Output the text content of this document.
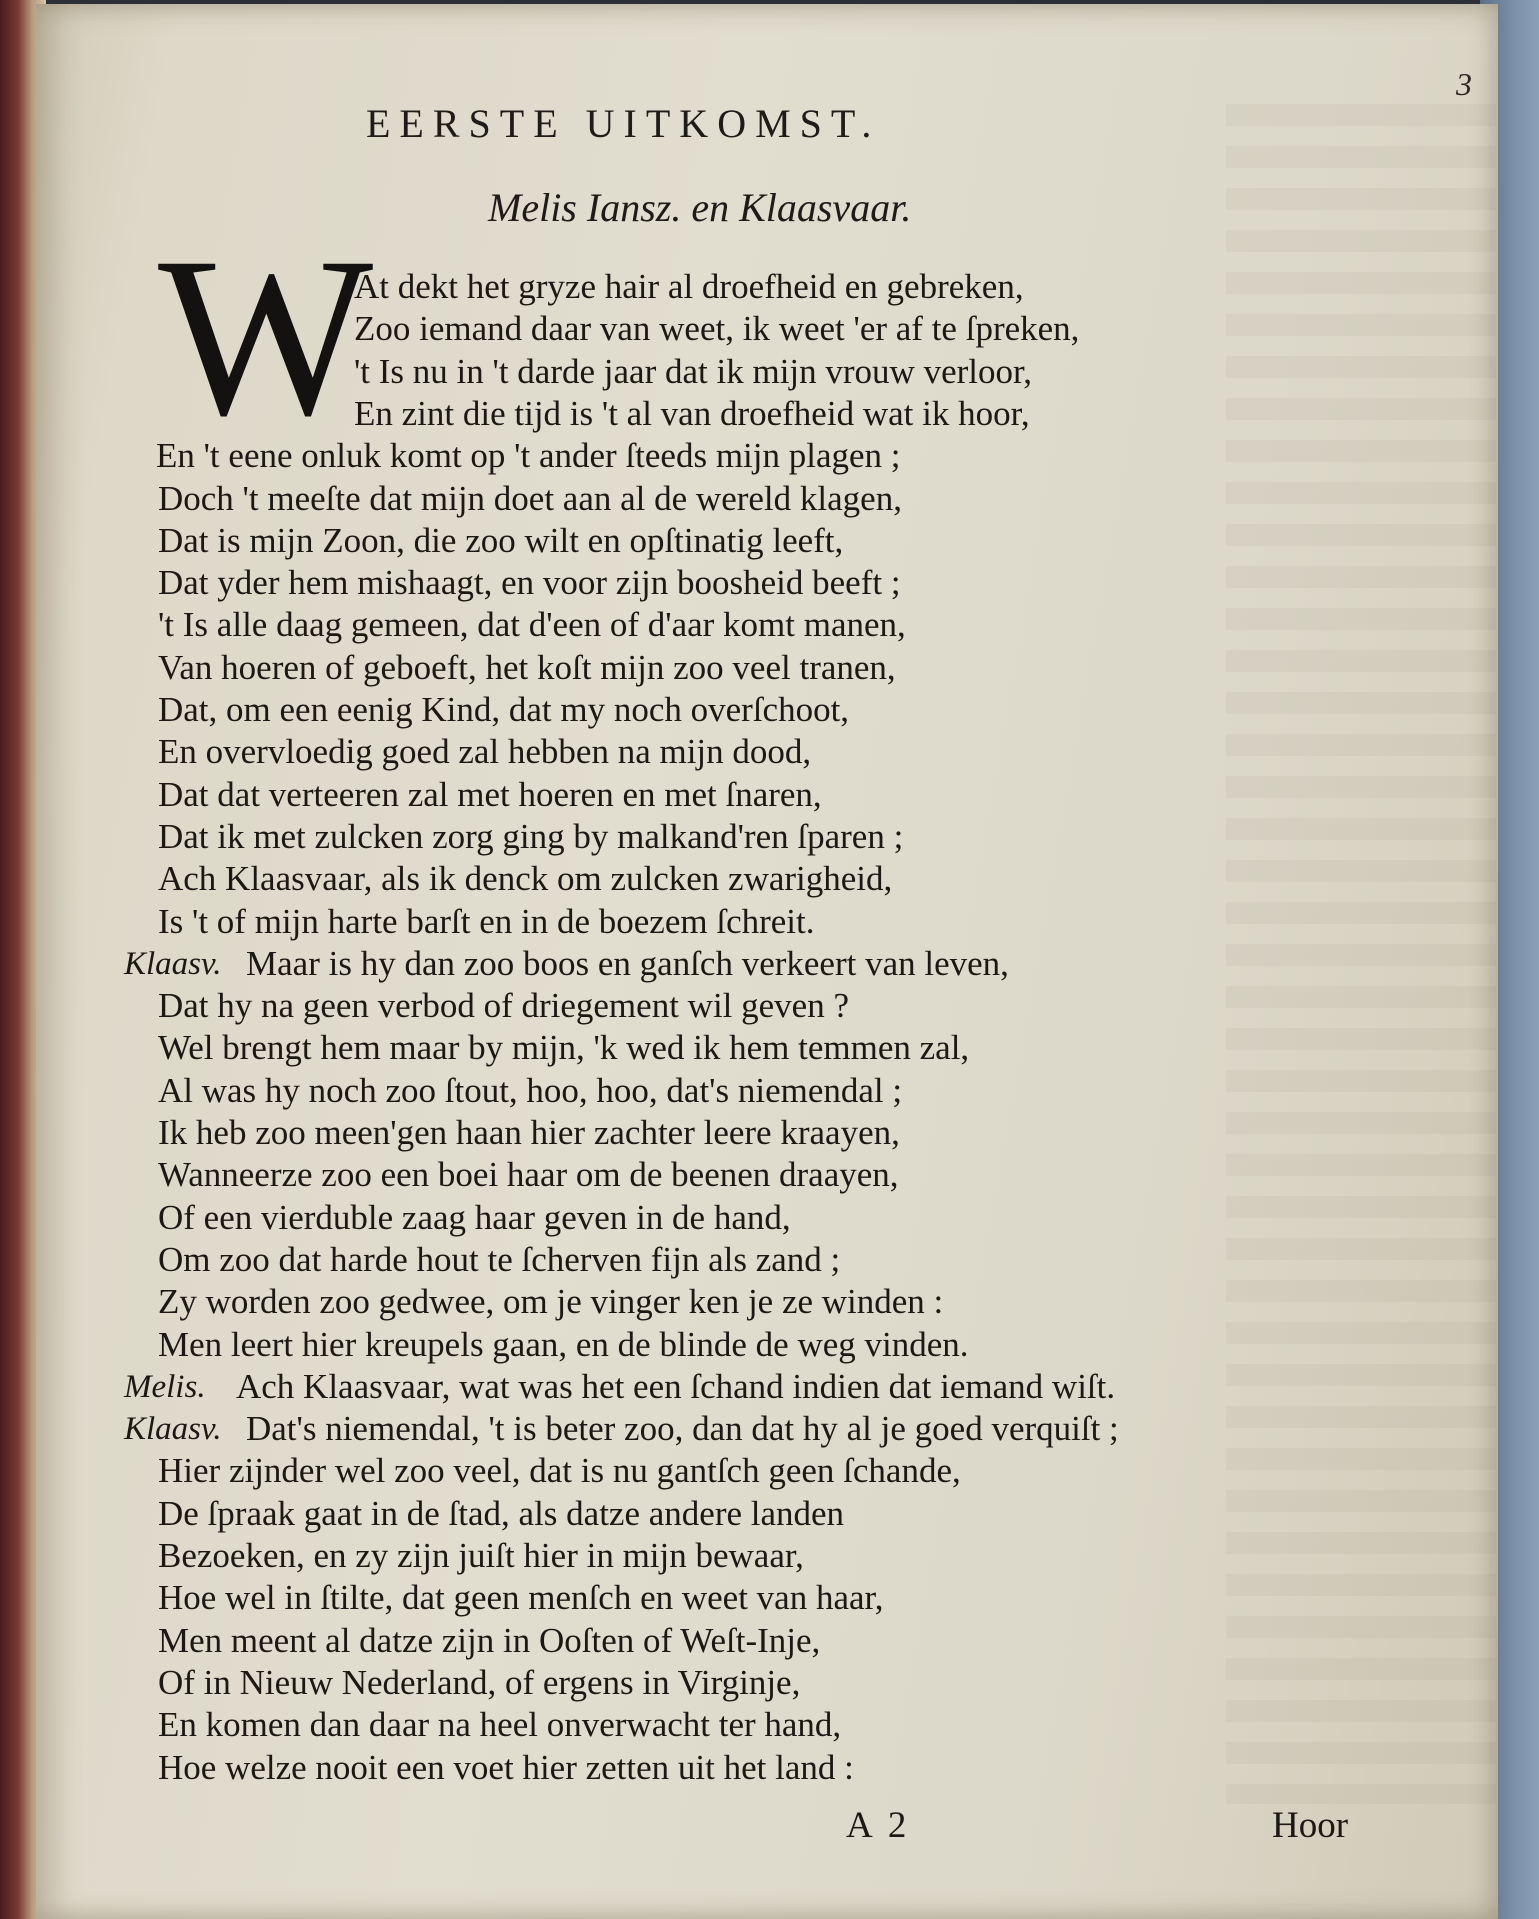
3
EERSTE UITKOMST.
Melis Iansz. en Klaasvaar.
W
At dekt het gryze hair al droefheid en gebreken,
Zoo iemand daar van weet, ik weet 'er af te ſpreken,
't Is nu in 't darde jaar dat ik mijn vrouw verloor,
En zint die tijd is 't al van droefheid wat ik hoor,
En 't eene onluk komt op 't ander ſteeds mijn plagen ;
Doch 't meeſte dat mijn doet aan al de wereld klagen,
Dat is mijn Zoon, die zoo wilt en opſtinatig leeft,
Dat yder hem mishaagt, en voor zijn boosheid beeft ;
't Is alle daag gemeen, dat d'een of d'aar komt manen,
Van hoeren of geboeft, het koſt mijn zoo veel tranen,
Dat, om een eenig Kind, dat my noch overſchoot,
En overvloedig goed zal hebben na mijn dood,
Dat dat verteeren zal met hoeren en met ſnaren,
Dat ik met zulcken zorg ging by malkand'ren ſparen ;
Ach Klaasvaar, als ik denck om zulcken zwarigheid,
Is 't of mijn harte barſt en in de boezem ſchreit.
Klaasv. Maar is hy dan zoo boos en ganſch verkeert van leven,
Dat hy na geen verbod of driegement wil geven ?
Wel brengt hem maar by mijn, 'k wed ik hem temmen zal,
Al was hy noch zoo ſtout, hoo, hoo, dat's niemendal ;
Ik heb zoo meen'gen haan hier zachter leere kraayen,
Wanneerze zoo een boei haar om de beenen draayen,
Of een vierduble zaag haar geven in de hand,
Om zoo dat harde hout te ſcherven fijn als zand ;
Zy worden zoo gedwee, om je vinger ken je ze winden :
Men leert hier kreupels gaan, en de blinde de weg vinden.
Melis. Ach Klaasvaar, wat was het een ſchand indien dat iemand wiſt.
Klaasv. Dat's niemendal, 't is beter zoo, dan dat hy al je goed verquiſt ;
Hier zijnder wel zoo veel, dat is nu gantſch geen ſchande,
De ſpraak gaat in de ſtad, als datze andere landen
Bezoeken, en zy zijn juiſt hier in mijn bewaar,
Hoe wel in ſtilte, dat geen menſch en weet van haar,
Men meent al datze zijn in Ooſten of Weſt-Inje,
Of in Nieuw Nederland, of ergens in Virginje,
En komen dan daar na heel onverwacht ter hand,
Hoe welze nooit een voet hier zetten uit het land :
A 2	Hoor
